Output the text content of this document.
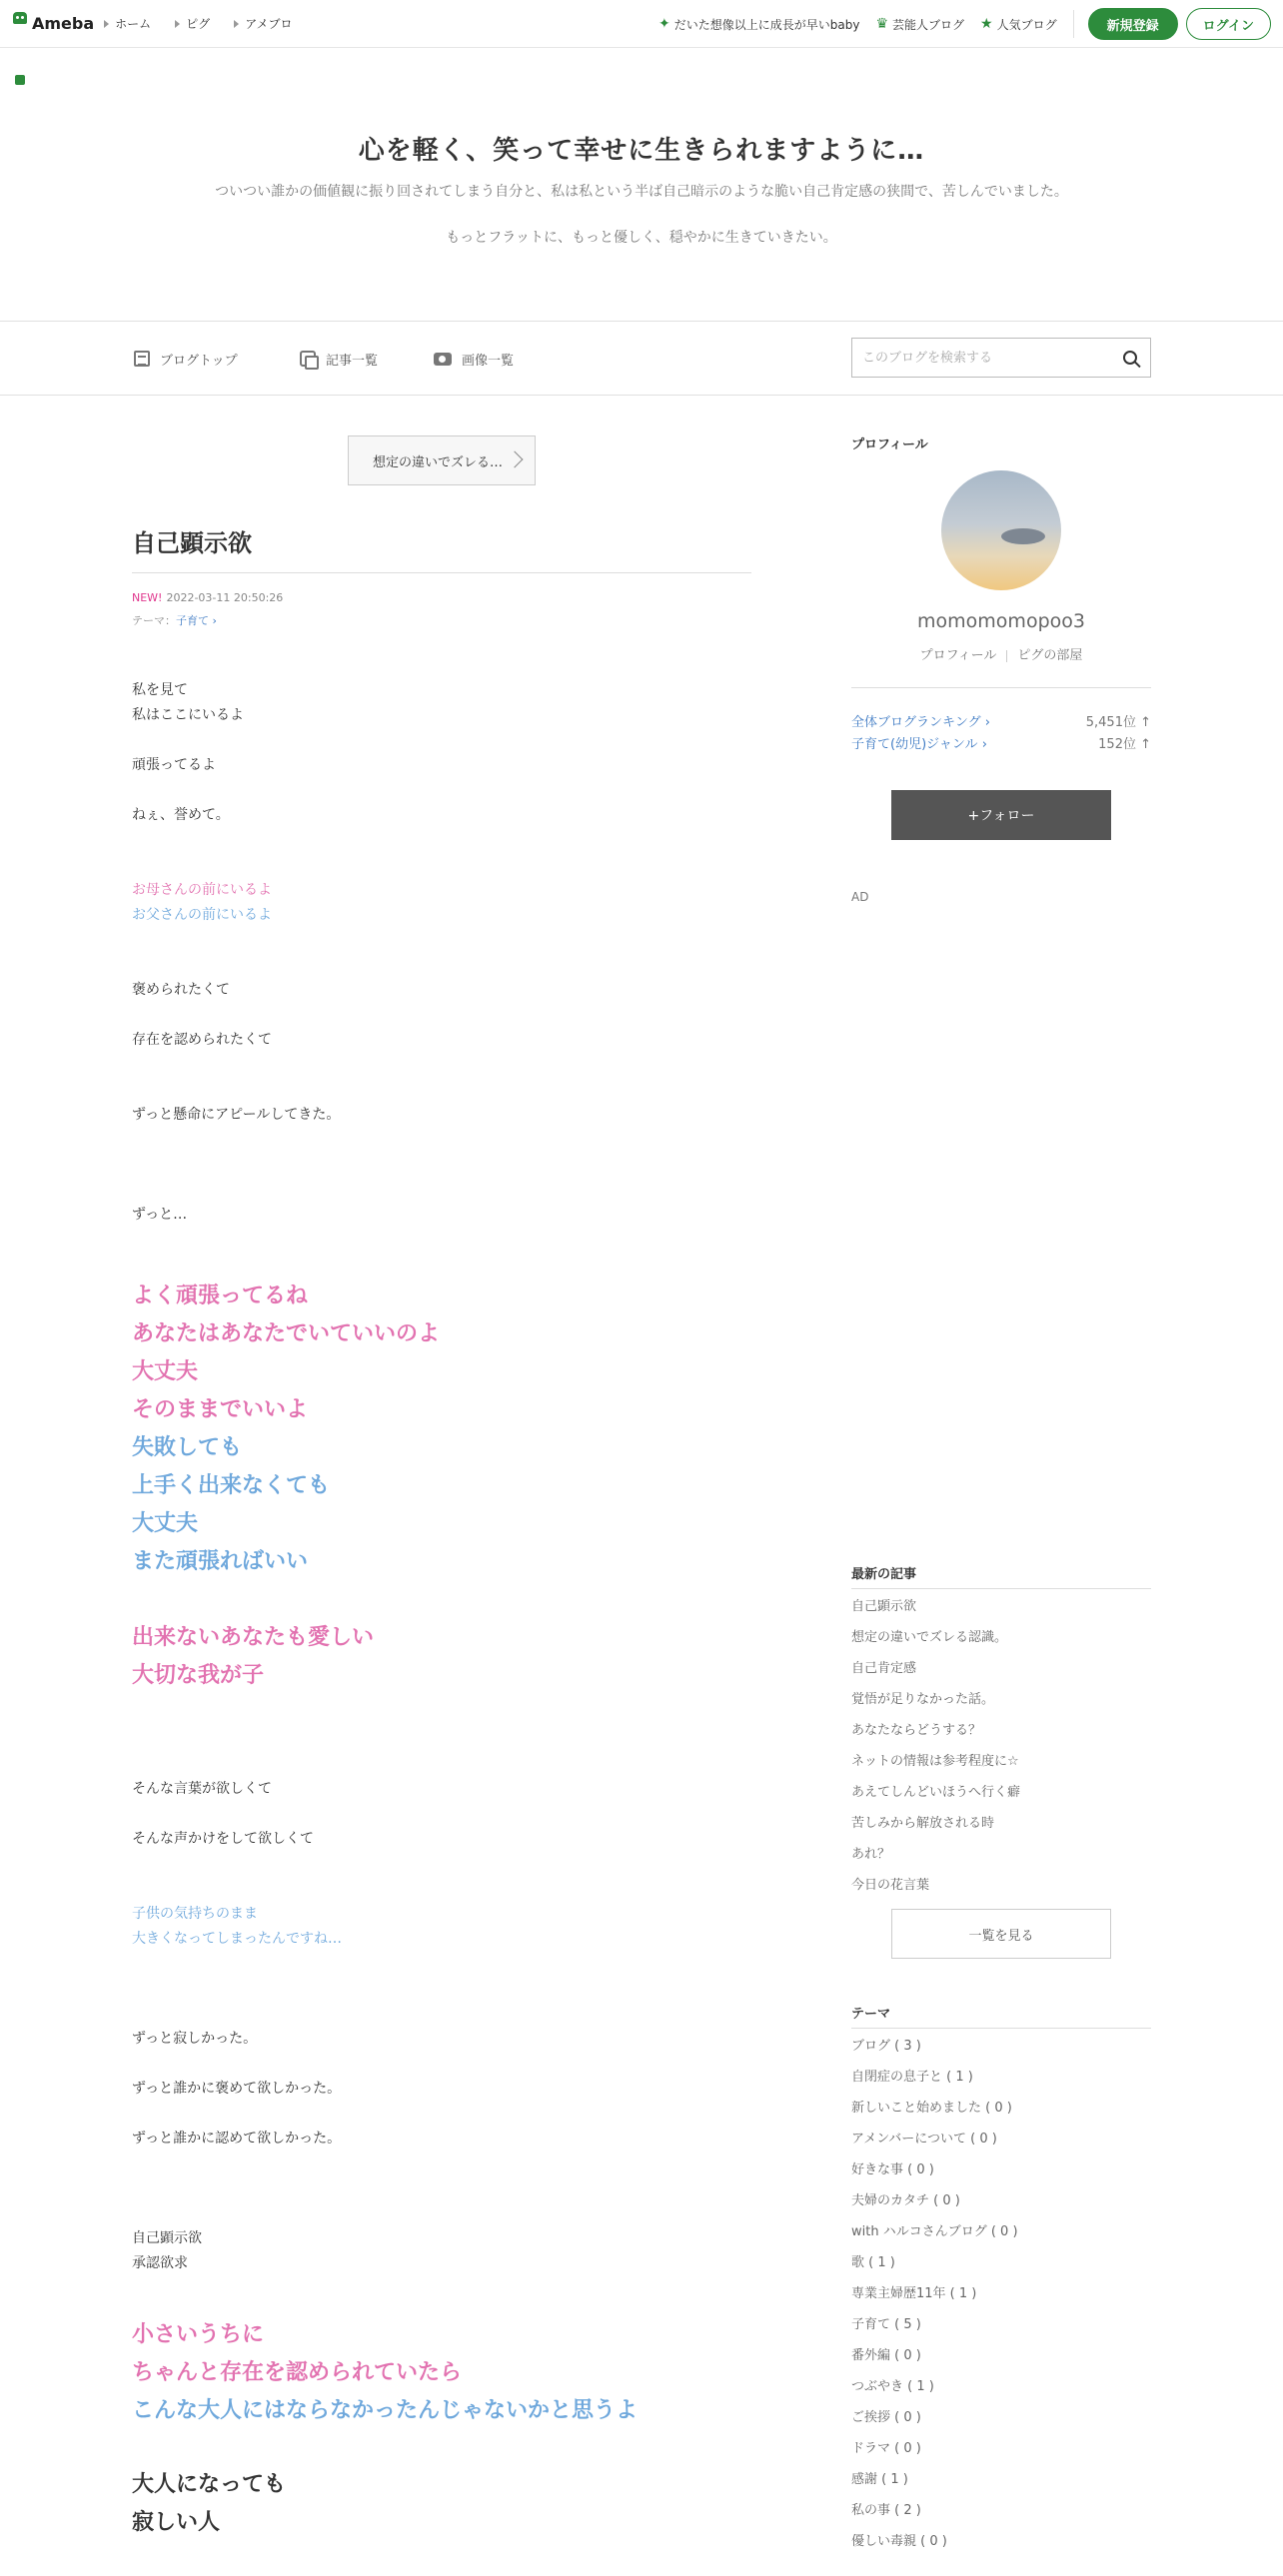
Ameba ホーム	ピグ	アメブロ	✦ だいた想像以上に成長が早いbaby ♛ 芸能人ブログ ★ 人気ブログ	新規登録	ログイン
心を軽く、笑って幸せに生きられますように…
ついつい誰かの価値観に振り回されてしまう自分と、私は私という半ば自己暗示のような脆い自己肯定感の狭間で、苦しんでいました。
もっとフラットに、もっと優しく、穏やかに生きていきたい。
ブログトップ	記事一覧	画像一覧
このブログを検索する
想定の違いでズレる…
自己顕示欲
NEW! 2022-03-11 20:50:26
テーマ：子育て ›
私を見て
私はここにいるよ
頑張ってるよ
ねぇ、誉めて。
お母さんの前にいるよ
お父さんの前にいるよ
褒められたくて
存在を認められたくて
ずっと懸命にアピールしてきた。
ずっと…
よく頑張ってるね
あなたはあなたでいていいのよ
大丈夫
そのままでいいよ
失敗しても
上手く出来なくても
大丈夫
また頑張ればいい
出来ないあなたも愛しい
大切な我が子
そんな言葉が欲しくて
そんな声かけをして欲しくて
子供の気持ちのまま
大きくなってしまったんですね…
ずっと寂しかった。
ずっと誰かに褒めて欲しかった。
ずっと誰かに認めて欲しかった。
自己顕示欲
承認欲求
小さいうちに
ちゃんと存在を認められていたら
こんな大人にはならなかったんじゃないかと思うよ
大人になっても
寂しい人
プロフィール
momomomopoo3
プロフィール ピグの部屋
全体ブログランキング ›	5,451位 ↑
子育て(幼児)ジャンル ›	152位 ↑
+フォロー
AD
最新の記事
自己顕示欲
想定の違いでズレる認識。
自己肯定感
覚悟が足りなかった話。
あなたならどうする？
ネットの情報は参考程度に☆
あえてしんどいほうへ行く癖
苦しみから解放される時
あれ？
今日の花言葉
一覧を見る
テーマ
ブログ ( 3 )
自閉症の息子と ( 1 )
新しいこと始めました ( 0 )
アメンバーについて ( 0 )
好きな事 ( 0 )
夫婦のカタチ ( 0 )
with ハルコさんブログ ( 0 )
歌 ( 1 )
専業主婦歴11年 ( 1 )
子育て ( 5 )
番外編 ( 0 )
つぶやき ( 1 )
ご挨拶 ( 0 )
ドラマ ( 0 )
感謝 ( 1 )
私の事 ( 2 )
優しい毒親 ( 0 )
